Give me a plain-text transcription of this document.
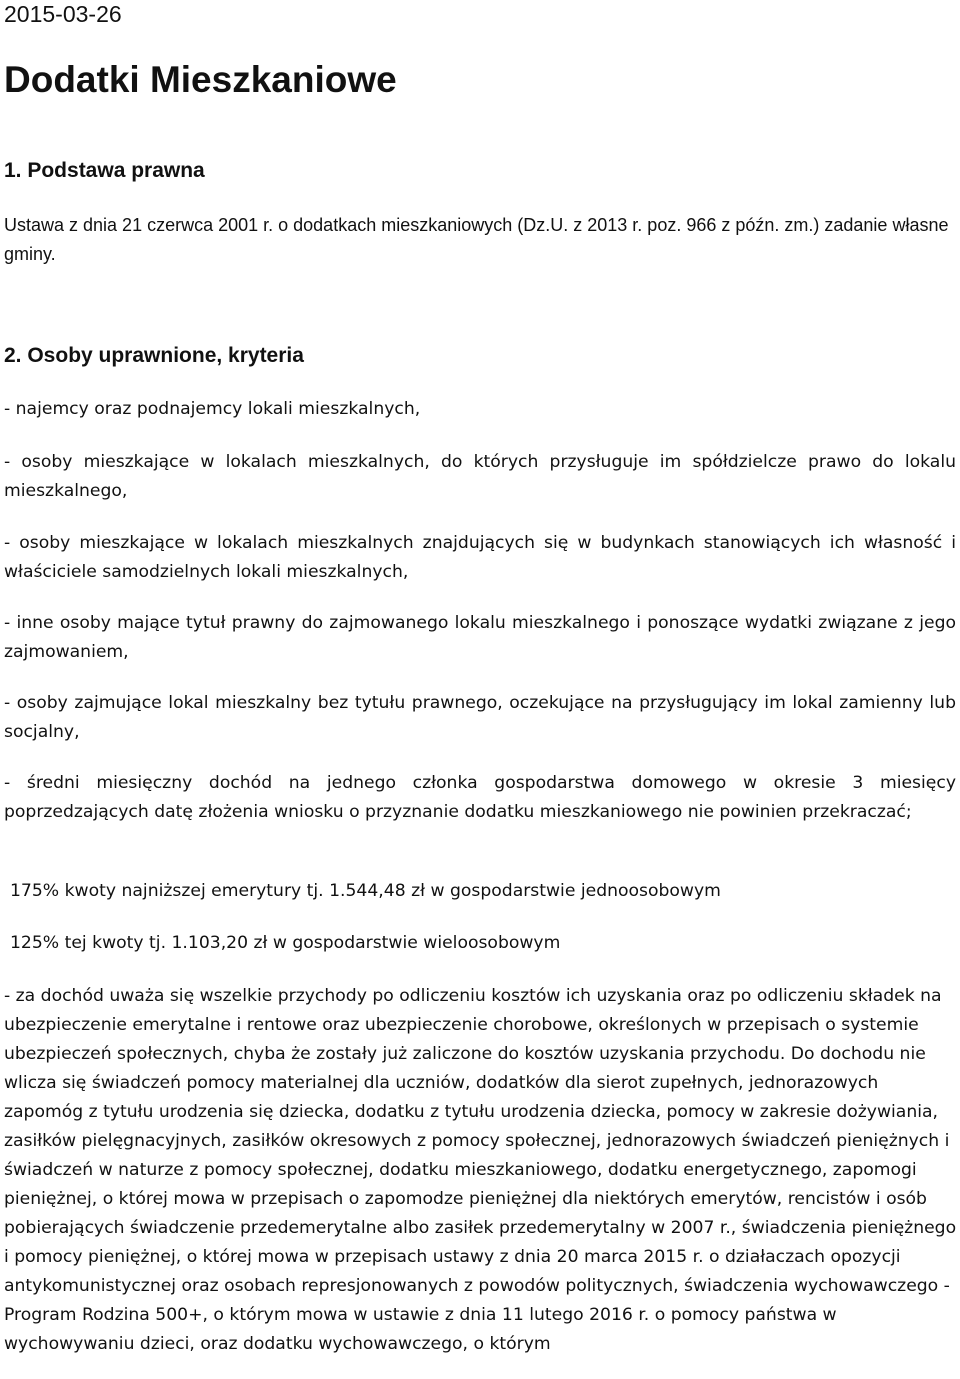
2015-03-26

Dodatki Mieszkaniowe
1. Podstawa prawna

Ustawa z dnia 21 czerwca 2001 r. o dodatkach mieszkaniowych (Dz.U. z 2013 r. poz. 966 z późn. zm.) zadanie własne gminy.

2. Osoby uprawnione, kryteria

- najemcy oraz podnajemcy lokali mieszkalnych,

- osoby mieszkające w lokalach mieszkalnych, do których przysługuje im spółdzielcze prawo do lokalu mieszkalnego,

- osoby mieszkające w lokalach mieszkalnych znajdujących się w budynkach stanowiących ich własność i właściciele samodzielnych lokali mieszkalnych,

- inne osoby mające tytuł prawny do zajmowanego lokalu mieszkalnego i ponoszące wydatki związane z jego zajmowaniem,

- osoby zajmujące lokal mieszkalny bez tytułu prawnego, oczekujące na przysługujący im lokal zamienny lub socjalny,

- średni miesięczny dochód na jednego członka gospodarstwa domowego w okresie 3 miesięcy poprzedzających datę złożenia wniosku o przyznanie dodatku mieszkaniowego nie powinien przekraczać;

175% kwoty najniższej emerytury tj. 1.544,48 zł w gospodarstwie jednoosobowym

125% tej kwoty tj. 1.103,20 zł w gospodarstwie wieloosobowym

- za dochód uważa się wszelkie przychody po odliczeniu kosztów ich uzyskania oraz po odliczeniu składek na ubezpieczenie emerytalne i rentowe oraz ubezpieczenie chorobowe, określonych w przepisach o systemie ubezpieczeń społecznych, chyba że zostały już zaliczone do kosztów uzyskania przychodu. Do dochodu nie wlicza się świadczeń pomocy materialnej dla uczniów, dodatków dla sierot zupełnych, jednorazowych zapomóg z tytułu urodzenia się dziecka, dodatku z tytułu urodzenia dziecka, pomocy w zakresie dożywiania, zasiłków pielęgnacyjnych, zasiłków okresowych z pomocy społecznej, jednorazowych świadczeń pieniężnych i świadczeń w naturze z pomocy społecznej, dodatku mieszkaniowego, dodatku energetycznego, zapomogi pieniężnej, o której mowa w przepisach o zapomodze pieniężnej dla niektórych emerytów, rencistów i osób pobierających świadczenie przedemerytalne albo zasiłek przedemerytalny w 2007 r., świadczenia pieniężnego i pomocy pieniężnej, o której mowa w przepisach ustawy z dnia 20 marca 2015 r. o działaczach opozycji antykomunistycznej oraz osobach represjonowanych z powodów politycznych, świadczenia wychowawczego - Program Rodzina 500+, o którym mowa w ustawie z dnia 11 lutego 2016 r. o pomocy państwa w wychowywaniu dzieci, oraz dodatku wychowawczego, o którym
